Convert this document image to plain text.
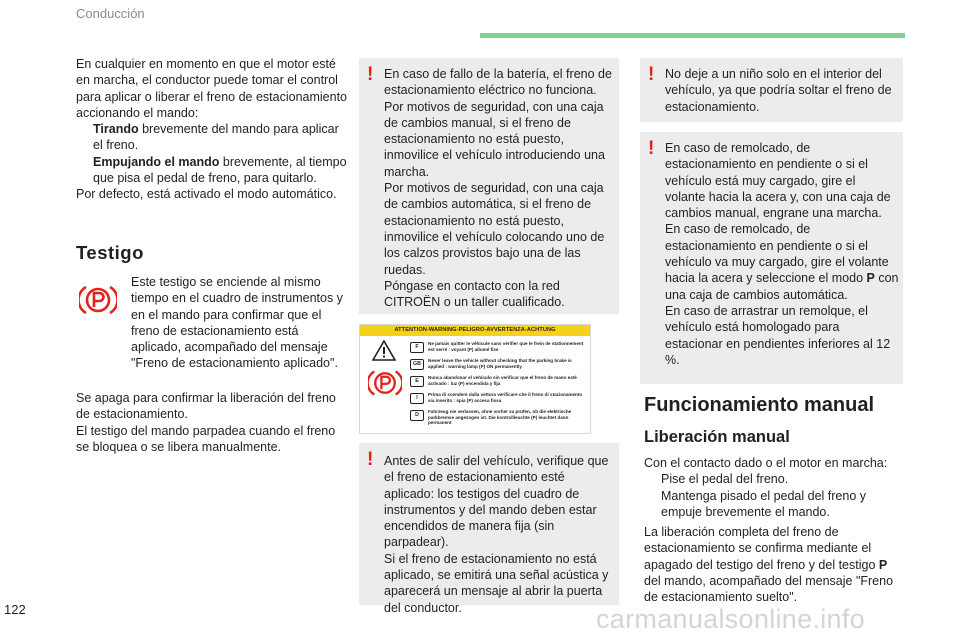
Conducción

En cualquier en momento en que el motor esté en marcha, el conductor puede tomar el control para aplicar o liberar el freno de estacionamiento accionando el mando:

Tirando brevemente del mando para aplicar el freno.
Empujando el mando brevemente, al tiempo que pisa el pedal de freno, para quitarlo.

Por defecto, está activado el modo automático.

Testigo

Este testigo se enciende al mismo tiempo en el cuadro de instrumentos y en el mando para confirmar que el freno de estacionamiento está aplicado, acompañado del mensaje "Freno de estacionamiento aplicado".

Se apaga para confirmar la liberación del freno de estacionamiento.

El testigo del mando parpadea cuando el freno se bloquea o se libera manualmente.

! En caso de fallo de la batería, el freno de estacionamiento eléctrico no funciona.

Por motivos de seguridad, con una caja de cambios manual, si el freno de estacionamiento no está puesto, inmovilice el vehículo introduciendo una marcha.

Por motivos de seguridad, con una caja de cambios automática, si el freno de estacionamiento no está puesto, inmovilice el vehículo colocando uno de los calzos provistos bajo una de las ruedas.

Póngase en contacto con la red CITROËN o un taller cualificado.

ATTENTION-WARNING-PELIGRO-AVVERTENZA-ACHTUNG
F
Ne jamais quitter le véhicule sans vérifier que le frein de stationnement est serré : voyant (P) allumé fixe
GB
Never leave the vehicle without checking that the parking brake is applied : warning lamp (P) ON permanently
E
Nunca abandonar el vehículo sin verificar que el freno de mano esté activado : luz (P) encendida y fija
I
Prima di scendere dalla vettura verificare che il freno di stazionamento sia inserito : spia (P) accesa fissa
D
Fahrzeug nie verlassen, ohne vorher zu prüfen, ob die elektrische parkbremse angezogen ist. Die kontrollleuchte (P) leuchtet dann permanent
! Antes de salir del vehículo, verifique que el freno de estacionamiento esté aplicado: los testigos del cuadro de instrumentos y del mando deben estar encendidos de manera fija (sin parpadear).

Si el freno de estacionamiento no está aplicado, se emitirá una señal acústica y aparecerá un mensaje al abrir la puerta del conductor.

! No deje a un niño solo en el interior del vehículo, ya que podría soltar el freno de estacionamiento.

! En caso de remolcado, de estacionamiento en pendiente o si el vehículo está muy cargado, gire el volante hacia la acera y, con una caja de cambios manual, engrane una marcha.

En caso de remolcado, de estacionamiento en pendiente o si el vehículo va muy cargado, gire el volante hacia la acera y seleccione el modo P con una caja de cambios automática.

En caso de arrastrar un remolque, el vehículo está homologado para estacionar en pendientes inferiores al 12 %.

Funcionamiento manual
Liberación manual

Con el contacto dado o el motor en marcha:

Pise el pedal del freno.
Mantenga pisado el pedal del freno y empuje brevemente el mando.

La liberación completa del freno de estacionamiento se confirma mediante el apagado del testigo del freno y del testigo P del mando, acompañado del mensaje "Freno de estacionamiento suelto".

122	carmanualsonline.info
